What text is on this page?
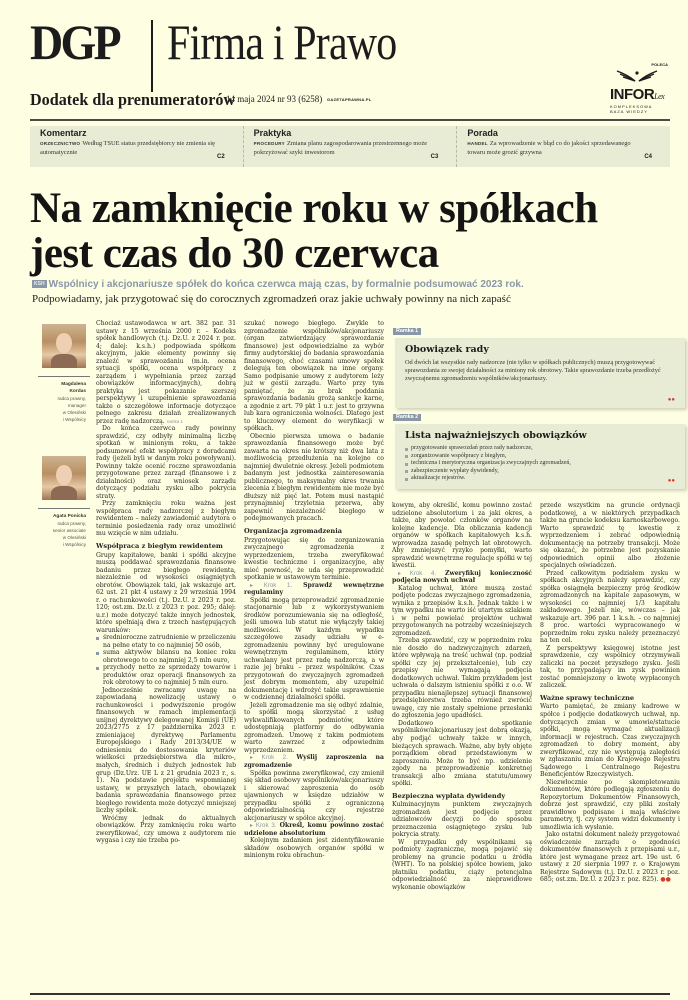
DGP Firma i Prawo
Dodatek dla prenumeratorów
14 maja 2024 nr 93 (6258) GAZETAPRAWNA.PL
POLECA
INFORLex
KOMPLEKSOWA
BAZA WIEDZY
Komentarz

ORZECZNICTWO Według TSUE status przedsiębiorcy nie zmienia się automatycznie

C2
Praktyka

PROCEDURY Zmiana planu zagospodarowania przestrzennego może pokrzyżować szyki inwestorom

C3
Porada

HANDEL Za wprowadzenie w błąd co do jakości sprzedawanego towaru może grozić grzywna

C4
Na zamknięcie roku w spółkach
jest czas do 30 czerwca
KSH Wspólnicy i akcjonariusze spółek do końca czerwca mają czas, by formalnie podsumować 2023 rok.
Podpowiadamy, jak przygotować się do corocznych zgromadzeń oraz jakie uchwały powinny na nich zapaść
Magdalena
Kordas
radca prawny,
manager
w Olesiński
i Wspólnicy
Agata Ponicka
radca prawny,
senior associate
w Olesiński
i Wspólnicy

Chociaż ustawodawca w art. 382 par. 31 ustawy z 15 września 2000 r. – Kodeks spółek handlowych (t.j. Dz.U. z 2024 r. poz. 4; dalej: k.s.h.) podpowiada spółkom akcyjnym, jakie elementy powinny się znaleźć w sprawozdaniu (m.in. ocena sytuacji spółki, ocena współpracy z zarządem i wypełniania przez zarząd obowiązków informacyjnych), dobrą praktyką jest pokazanie szerszej perspektywy i uzupełnienie sprawozdania także o szczegółowe informacje dotyczące pełnego zakresu działań zrealizowanych przez radę nadzorczą. ramka 1

Do końca czerwca rady powinny sprawdzić, czy odbyły minimalną liczbę spotkań w minionym roku, a także podsumować efekt współpracy z doradcami rady (jeżeli byli w danym roku powoływani). Powinny także ocenić roczne sprawozdania przygotowane przez zarząd (finansowe i z działalności) oraz wniosek zarządu dotyczący podziału zysku albo pokrycia straty.

Przy zamknięciu roku ważna jest współpraca rady nadzorczej z biegłym rewidentem – należy zawiadomić audytora o terminie posiedzenia rady oraz umożliwić mu wzięcie w nim udziału.

Współpraca z biegłym rewidentem

Grupy kapitałowe, banki i spółki akcyjne muszą poddawać sprawozdania finansowe badaniu przez biegłego rewidenta, niezależnie od wysokości osiągniętych obrotów. Obowiązek taki, jak wskazuje art. 62 ust. 21 pkt 4 ustawy z 29 września 1994 r. o rachunkowości (t.j. Dz.U. z 2023 r. poz. 120; ost.zm. Dz.U. z 2023 r. poz. 295; dalej: u.r.) może dotyczyć także innych jednostek, które spełniają dwa z trzech następujących warunków:

średnioroczne zatrudnienie w przeliczeniu na pełne etaty to co najmniej 50 osób,
suma aktywów bilansu na koniec roku obrotowego to co najmniej 2,5 mln euro,
przychody netto ze sprzedaży towarów i produktów oraz operacji finansowych za rok obrotowy to co najmniej 5 mln euro.

Jednocześnie zwracamy uwagę na zapowiadaną nowelizację ustawy o rachunkowości i podwyższenie progów finansowych w ramach implementacji unijnej dyrektywy delegowanej Komisji (UE) 2023/2775 z 17 października 2023 r. zmieniającej dyrektywę Parlamentu Europejskiego i Rady 2013/34/UE w odniesieniu do dostosowania kryteriów wielkości przedsiębiorstwa dla mikro-, małych, średnich i dużych jednostek lub grup (Dz.Urz. UE L z 21 grudnia 2023 r., s. 1). Na podstawie projektu wspomnianej ustawy, w przyszłych latach, obowiązek badania sprawozdania finansowego przez biegłego rewidenta może dotyczyć mniejszej liczby spółek.

Wróćmy jednak do aktualnych obowiązków. Przy zamknięciu roku warto zweryfikować, czy umowa z audytorem nie wygasa i czy nie trzeba po-

szukać nowego biegłego. Zwykle to zgromadzenie wspólników/akcjonariuszy (organ zatwierdzający sprawozdanie finansowe) jest odpowiedzialne za wybór firmy audytorskiej do badania sprawozdania finansowego, choć czasami umowy spółek delegują ten obowiązek na inne organy. Samo podpisanie umowy z audytorem leży już w gestii zarządu. Warto przy tym pamiętać, że za brak poddania sprawozdania badaniu grożą sankcje karne, a zgodnie z art. 79 pkt 1 u.r. jest to grzywna lub kara ograniczenia wolności. Dlatego jest to kluczowy element do weryfikacji w spółkach.

Obecnie pierwsza umowa o badanie sprawozdania finansowego może być zawarta na okres nie krótszy niż dwa lata z możliwością przedłużenia na kolejne co najmniej dwuletnie okresy. Jeżeli podmiotem badanym jest jednostka zainteresowania publicznego, to maksymalny okres trwania zlecenia z biegłym rewidentem nie może być dłuższy niż pięć lat. Potem musi nastąpić przynajmniej trzyletnia przerwa, aby zapewnić niezależność biegłego w podejmowanych pracach.

Organizacja zgromadzenia

Przygotowując się do zorganizowania zwyczajnego zgromadzenia z wyprzedzeniem, trzeba zweryfikować kwestie techniczne i organizacyjne, aby mieć pewność, że uda się przeprowadzić spotkanie w ustawowym terminie.

▸ Krok 1. Sprawdź wewnętrzne regulaminy

Spółki mogą przeprowadzić zgromadzenie stacjonarnie lub z wykorzystywaniem środków porozumiewania się na odległość, jeśli umowa lub statut nie wyłączyły takiej możliwości. W każdym wypadku szczegółowe zasady udziału w e-zgromadzeniu powinny być uregulowane wewnętrznym regulaminem, który uchwalany jest przez radę nadzorczą, a w razie jej braku – przez wspólników. Czas przygotowań do zwyczajnych zgromadzeń jest dobrym momentem, aby uzupełnić dokumentację i wdrożyć takie usprawnienie w codziennej działalności spółki.

Jeżeli zgromadzenie ma się odbyć zdalnie, to spółki mogą skorzystać z usług wykwalifikowanych podmiotów, które udostępniają platformy do odbywania zgromadzeń. Umowę z takim podmiotem warto zawrzeć z odpowiednim wyprzedzeniem.

▸ Krok 2. Wyślij zaproszenia na zgromadzenie

Spółka powinna zweryfikować, czy zmienił się skład osobowy wspólników/akcjonariuszy i skierować zaproszenia do osób ujawnionych w księdze udziałów w przypadku spółki z ograniczoną odpowiedzialnością czy rejestrze akcjonariuszy w spółce akcyjnej.

▸ Krok 3. Określ, komu powinno zostać udzielone absolutorium

Kolejnym zadaniem jest zidentyfikowanie składów osobowych organów spółki w minionym roku obrachun-

Ramka 1
Obowiązek rady

Od dwóch lat wszystkie rady nadzorcze (nie tylko w spółkach publicznych) muszą przygotowywać sprawozdania ze swojej działalności za miniony rok obrotowy. Takie sprawozdanie trzeba przedłożyć zwyczajnemu zgromadzeniu wspólników/akcjonariuszy.

●●
Ramka 2
Lista najważniejszych obowiązków
przygotowanie sprawozdań przez rady nadzorcze,
zorganizowanie współpracy z biegłym,
techniczna i merytoryczna organizacja zwyczajnych zgromadzeń,
zabezpieczenie wypłaty dywidendy,
aktualizacje rejestrów.	●●

kowym, aby określić, komu powinno zostać udzielone absolutorium i za jaki okres, a także, aby powołać członków organów na kolejne kadencje. Dla obliczania kadencji organów w spółkach kapitałowych k.s.h. wprowadza zasadę pełnych lat obrotowych. Aby zmniejszyć ryzyko pomyłki, warto sprawdzić wewnętrzne regulacje spółki w tej kwestii.

▸ Krok 4. Zweryfikuj konieczność podjęcia nowych uchwał

Katalog uchwał, które muszą zostać podjęte podczas zwyczajnego zgromadzenia, wynika z przepisów k.s.h. Jednak także i w tym wypadku nie warto iść utartym szlakiem i w pełni powielać projektów uchwał przygotowanych na potrzeby wcześniejszych zgromadzeń.

Trzeba sprawdzić, czy w poprzednim roku nie doszło do nadzwyczajnych zdarzeń, które wpływają na treść uchwał (np. podział spółki czy jej przekształcenie), lub czy przepisy nie wymagają podjęcia dodatkowych uchwał. Takim przykładem jest uchwała o dalszym istnieniu spółki z o.o. W przypadku nienajlepszej sytuacji finansowej przedsiębiorstwa trzeba również zwrócić uwagę, czy nie zostały spełnione przesłanki do zgłoszenia jego upadłości.

Dodatkowo spotkanie wspólników/akcjonariuszy jest dobrą okazją, aby podjąć uchwały także w innych, bieżących sprawach. Ważne, aby były objęte porządkiem obrad przedstawionym w zaproszeniu. Może to być np. udzielenie zgody na przeprowadzenie konkretnej transakcji albo zmiana statutu/umowy spółki.

Bezpieczna wypłata dywidendy

Kulminacyjnym punktem zwyczajnych zgromadzeń jest podjęcie przez udziałowców decyzji co do sposobu przeznaczenia osiągniętego zysku lub pokrycia straty.

W przypadku gdy wspólnikami są podmioty zagraniczne, mogą pojawić się problemy na gruncie podatku u źródła (WHT). To na polskiej spółce bowiem, jako płatniku podatku, ciąży potencjalna odpowiedzialność za nieprawidłowe wykonanie obowiązków

przede wszystkim na gruncie ordynacji podatkowej, a w niektórych przypadkach także na gruncie kodeksu karnoskarbowego. Warto sprawdzić tę kwestię z wyprzedzeniem i zebrać odpowiednią dokumentację na potrzeby transakcji. Może się okazać, że potrzebne jest pozyskanie odpowiednich opinii albo złożenie specjalnych oświadczeń.

Przed całkowitym podziałem zysku w spółkach akcyjnych należy sprawdzić, czy spółka osiągnęła bezpieczny próg środków zgromadzonych na kapitale zapasowym, w wysokości co najmniej 1/3 kapitału zakładowego. Jeżeli nie, wówczas – jak wskazuje art. 396 par. 1 k.s.h. – co najmniej 8 proc. wartości wypracowanego w poprzednim roku zysku należy przeznaczyć na ten cel.

Z perspektywy księgowej istotne jest sprawdzenie, czy wspólnicy otrzymywali zaliczki na poczet przyszłego zysku. Jeśli tak, to przypadający im zysk powinien zostać pomniejszony o kwotę wypłaconych zaliczek.

Ważne sprawy techniczne

Warto pamiętać, że zmiany kadrowe w spółce i podjęcie dodatkowych uchwał, np. dotyczących zmian w umowie/statucie spółki, mogą wymagać aktualizacji informacji w rejestrach. Czas zwyczajnych zgromadzeń to dobry moment, aby zweryfikować, czy nie występują zaległości w zgłaszaniu zmian do Krajowego Rejestru Sądowego i Centralnego Rejestru Beneficjentów Rzeczywistych.

Niezwłocznie po skompletowaniu dokumentów, które podlegają zgłoszeniu do Repozytorium Dokumentów Finansowych, dobrze jest sprawdzić, czy pliki zostały prawidłowo podpisane i mają właściwe parametry, tj. czy system widzi dokumenty i umożliwia ich wysłanie.

Jako ostatni dokument należy przygotować oświadczenie zarządu o zgodności dokumentów finansowych z przepisami u.r., które jest wymagane przez art. 19e ust. 6 ustawy z 20 sierpnia 1997 r. o Krajowym Rejestrze Sądowym (t.j. Dz.U. z 2023 r. poz. 685; ost.zm. Dz.U. z 2023 r. poz. 825). ●●
